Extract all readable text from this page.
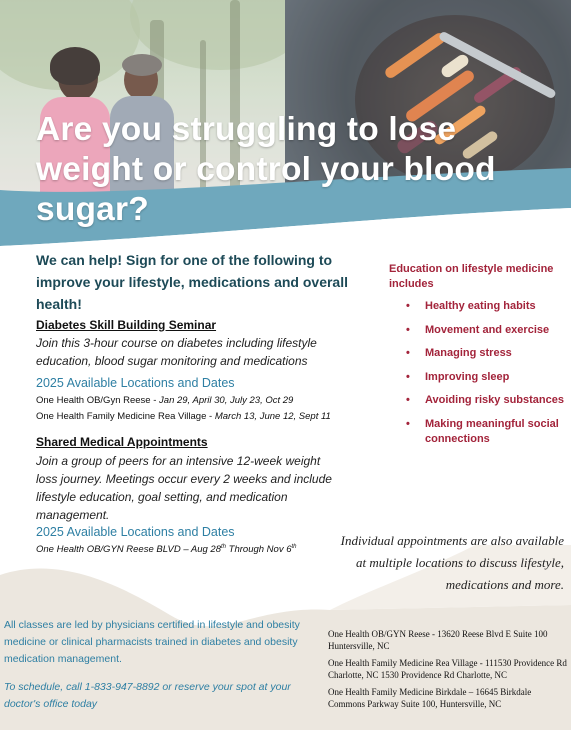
Are you struggling to lose weight or control your blood sugar?
We can help! Sign for one of the following to improve your lifestyle, medications and overall health!
Diabetes Skill Building Seminar
Join this 3-hour course on diabetes including lifestyle education, blood sugar monitoring and medications
2025 Available Locations and Dates
One Health OB/Gyn Reese - Jan 29, April 30, July 23, Oct 29
One Health Family Medicine Rea Village - March 13, June 12, Sept 11
Shared Medical Appointments
Join a group of peers for an intensive 12-week weight loss journey. Meetings occur every 2 weeks and include lifestyle education, goal setting, and medication management.
2025 Available Locations and Dates
One Health OB/GYN Reese BLVD – Aug 28th Through Nov 6th
Education on lifestyle medicine includes
• Healthy eating habits
• Movement and exercise
• Managing stress
• Improving sleep
• Avoiding risky substances
• Making meaningful social connections
Individual appointments are also available at multiple locations to discuss lifestyle, medications and more.
All classes are led by physicians certified in lifestyle and obesity medicine or clinical pharmacists trained in diabetes and obesity medication management.
To schedule, call 1-833-947-8892 or reserve your spot at your doctor's office today
One Health OB/GYN Reese - 13620 Reese Blvd E Suite 100 Huntersville, NC
One Health Family Medicine Rea Village - 111530 Providence Rd Charlotte, NC 1530 Providence Rd Charlotte, NC
One Health Family Medicine Birkdale – 16645 Birkdale Commons Parkway Suite 100, Huntersville, NC
